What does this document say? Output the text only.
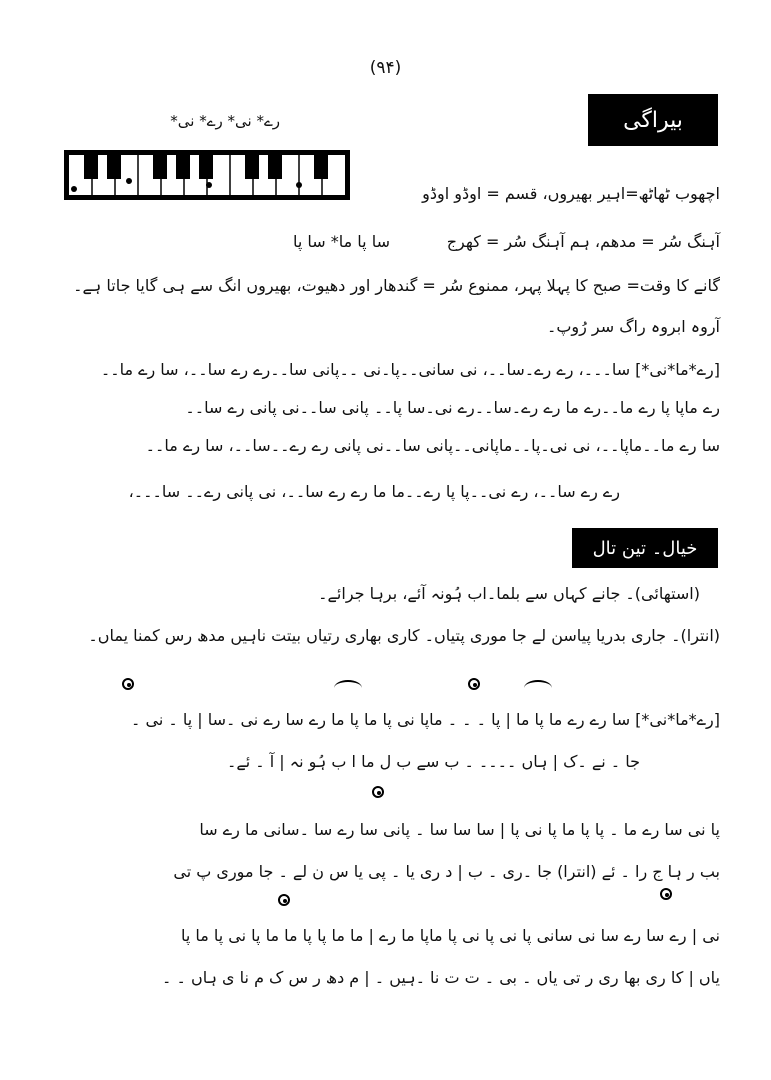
(۹۴)
بیراگی
رے* نی* رے* نی*
اچھوب ٹھاٹھ=اہیر بھیروں، قسم = اوڈو اوڈو
آہنگ سُر = مدھم، ہم آہنگ سُر = کھرج
سا پا ما* سا پا
گانے کا وقت= صبح کا پہلا پہر، ممنوع سُر = گندھار اور دھیوت، بھیروں انگ سے ہی گایا جاتا ہے۔
آروہ ابروہ راگ سر رُوپ۔
[رے*ما*نی*] سا۔۔۔، رے رے۔سا۔۔، نی سانی۔۔پا۔نی ۔۔پانی سا۔۔رے رے سا۔۔، سا رے ما۔۔
رے ماپا پا رے ما۔۔رے ما رے رے۔سا۔۔رے نی۔سا پا۔۔ پانی سا۔۔نی پانی رے سا۔۔
سا رے ما۔۔ماپا۔۔، نی نی۔پا۔۔ماپانی۔۔پانی سا۔۔نی پانی رے رے۔۔سا۔۔، سا رے ما۔۔
رے رے سا۔۔، رے نی۔۔پا پا رے۔۔ما ما رے رے سا۔۔، نی پانی رے۔۔ سا۔۔۔،
خیال۔ تین تال
(استھائی)۔ جانے کہاں سے بلما۔اب ہُونہ آئے، برہا جرائے۔
(انترا)۔ جاری بدریا پیاسن لے جا موری پتیاں۔ کاری بھاری رتیاں بیتت ناہیں مدھ رس کمنا یماں۔
[رے*ما*نی*] سا رے رے ما پا ما | پا ۔ ۔ ۔ ماپا نی پا ما پا ما رے سا رے نی ۔سا | پا ۔ نی ۔
جا ۔ نے ۔ک | ہاں ۔۔۔۔ ۔ ب سے ب ل ما ا ب ہُو نہ | آ ۔ ئے۔
پا نی سا رے ما ۔ پا پا ما پا نی پا | سا سا سا ۔ پانی سا رے سا ۔سانی ما رے سا
بب ر ہا ج را ۔ ئے (انترا) جا ۔ری ۔ ب | د ری یا ۔ پی یا س ن لے ۔ جا موری پ تی
نی | رے سا رے سا نی سانی پا نی پا نی پا ماپا ما رے | ما ما پا پا ما ما پا نی پا ما پا
یاں | کا ری بھا ری ر تی یاں ۔ بی ۔ ت ت نا ۔ہیں ۔ | م دھ ر س ک م نا ی ہاں ۔ ۔
